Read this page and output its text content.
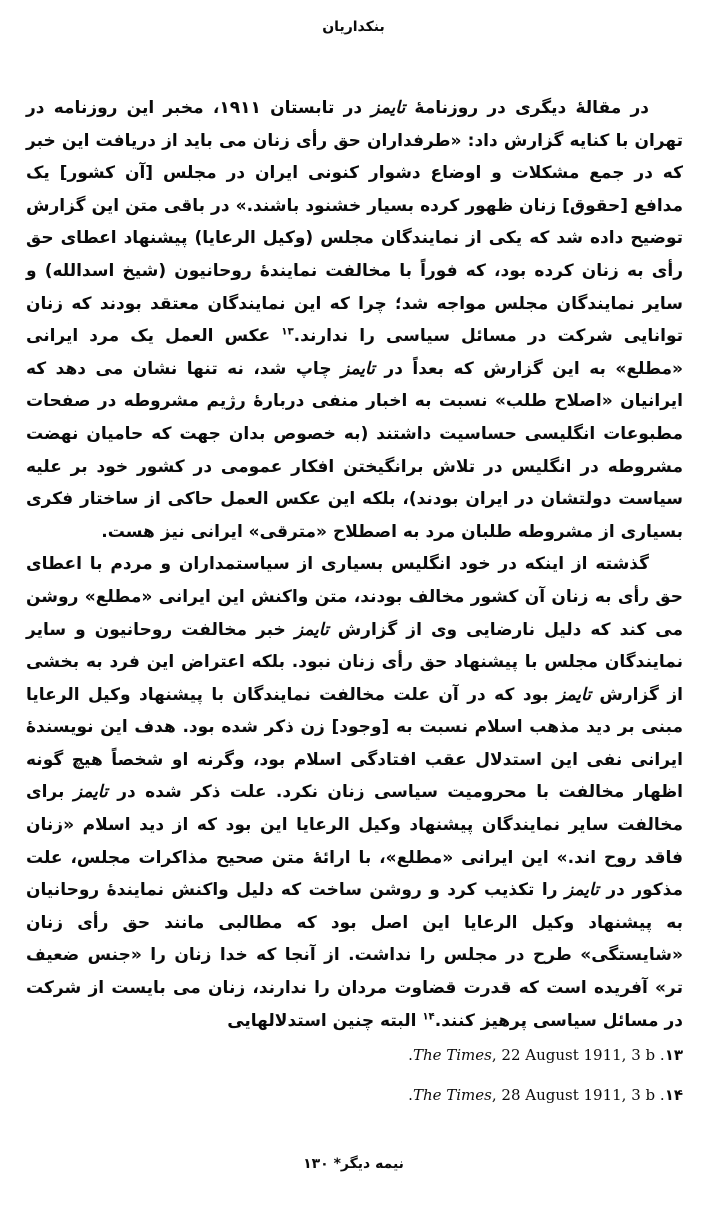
بنکداریان

در مقالهٔ دیگری در روزنامهٔ تایمز در تابستان ۱۹۱۱، مخبر این روزنامه در تهران با کنایه گزارش داد: «طرفداران حق رأی زنان می باید از دریافت این خبر که در جمع مشکلات و اوضاع دشوار کنونی ایران در مجلس [آن کشور] یک مدافع [حقوق] زنان ظهور کرده بسیار خشنود باشند.» در باقی متن این گزارش توضیح داده شد که یکی از نمایندگان مجلس (وکیل الرعایا) پیشنهاد اعطای حق رأی به زنان کرده بود، که فوراً با مخالفت نمایندهٔ روحانیون (شیخ اسدالله) و سایر نمایندگان مجلس مواجه شد؛ چرا که این نمایندگان معتقد بودند که زنان توانایی شرکت در مسائل سیاسی را ندارند.$^{۱۳}$ عکس العمل یک مرد ایرانی «مطلع» به این گزارش که بعداً در تایمز چاپ شد، نه تنها نشان می دهد که ایرانیان «اصلاح طلب» نسبت به اخبار منفی دربارهٔ رژیم مشروطه در صفحات مطبوعات انگلیسی حساسیت داشتند (به خصوص بدان جهت که حامیان نهضت مشروطه در انگلیس در تلاش برانگیختن افکار عمومی در کشور خود بر علیه سیاست دولتشان در ایران بودند)، بلکه این عکس العمل حاکی از ساختار فکری بسیاری از مشروطه طلبان مرد به اصطلاح «مترقی» ایرانی نیز هست.

گذشته از اینکه در خود انگلیس بسیاری از سیاستمداران و مردم با اعطای حق رأی به زنان آن کشور مخالف بودند، متن واکنش این ایرانی «مطلع» روشن می کند که دلیل نارضایی وی از گزارش تایمز خبر مخالفت روحانیون و سایر نمایندگان مجلس با پیشنهاد حق رأی زنان نبود. بلکه اعتراض این فرد به بخشی از گزارش تایمز بود که در آن علت مخالفت نمایندگان با پیشنهاد وکیل الرعایا مبنی بر دید مذهب اسلام نسبت به [وجود] زن ذکر شده بود. هدف این نویسندهٔ ایرانی نفی این استدلال عقب افتادگی اسلام بود، وگرنه او شخصاً هیچ گونه اظهار مخالفت با محرومیت سیاسی زنان نکرد. علت ذکر شده در تایمز برای مخالفت سایر نمایندگان پیشنهاد وکیل الرعایا این بود که از دید اسلام «زنان فاقد روح اند.» این ایرانی «مطلع»، با ارائهٔ متن صحیح مذاکرات مجلس، علت مذکور در تایمز را تکذیب کرد و روشن ساخت که دلیل واکنش نمایندهٔ روحانیان به پیشنهاد وکیل الرعایا این اصل بود که مطالبی مانند حق رأی زنان «شایستگی» طرح در مجلس را نداشت. از آنجا که خدا زنان را «جنس ضعیف تر» آفریده است که قدرت قضاوت مردان را ندارند، زنان می بایست از شرکت در مسائل سیاسی پرهیز کنند.$^{۱۴}$ البته چنین استدلالهایی

۱۳. The Times, 22 August 1911, 3 b.
۱۴. The Times, 28 August 1911, 3 b.
نیمه دیگر* ۱۳۰
